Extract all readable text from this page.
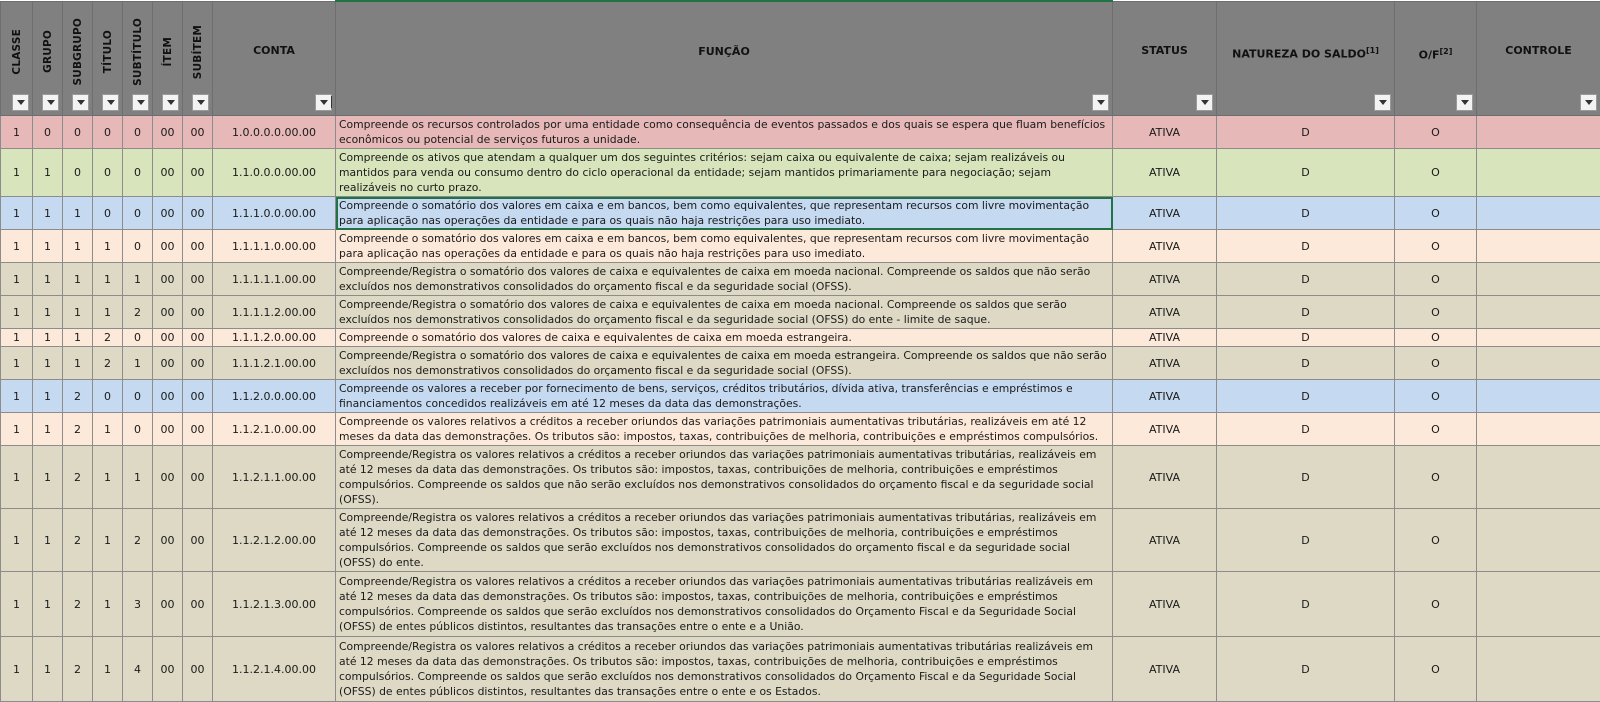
CLASSE	GRUPO	SUBGRUPO	TÍTULO	SUBTÍTULO	ÍTEM	SUBÍTEM	CONTA	FUNÇÃO	STATUS	NATUREZA DO SALDO[1]	O/F[2]	CONTROLE

1	0	0	0	0	00	00	1.0.0.0.0.00.00	Compreende os recursos controlados por uma entidade como consequência de eventos passados e dos quais se espera que fluam benefícios econômicos ou potencial de serviços futuros a unidade.	ATIVA	D	O	
1	1	0	0	0	00	00	1.1.0.0.0.00.00	Compreende os ativos que atendam a qualquer um dos seguintes critérios: sejam caixa ou equivalente de caixa; sejam realizáveis ou mantidos para venda ou consumo dentro do ciclo operacional da entidade; sejam mantidos primariamente para negociação; sejam realizáveis no curto prazo.	ATIVA	D	O	
1	1	1	0	0	00	00	1.1.1.0.0.00.00	Compreende o somatório dos valores em caixa e em bancos, bem como equivalentes, que representam recursos com livre movimentação para aplicação nas operações da entidade e para os quais não haja restrições para uso imediato.	ATIVA	D	O	
1	1	1	1	0	00	00	1.1.1.1.0.00.00	Compreende o somatório dos valores em caixa e em bancos, bem como equivalentes, que representam recursos com livre movimentação para aplicação nas operações da entidade e para os quais não haja restrições para uso imediato.	ATIVA	D	O	
1	1	1	1	1	00	00	1.1.1.1.1.00.00	Compreende/Registra o somatório dos valores de caixa e equivalentes de caixa em moeda nacional. Compreende os saldos que não serão excluídos nos demonstrativos consolidados do orçamento fiscal e da seguridade social (OFSS).	ATIVA	D	O	
1	1	1	1	2	00	00	1.1.1.1.2.00.00	Compreende/Registra o somatório dos valores de caixa e equivalentes de caixa em moeda nacional. Compreende os saldos que serão excluídos nos demonstrativos consolidados do orçamento fiscal e da seguridade social (OFSS) do ente - limite de saque.	ATIVA	D	O	
1	1	1	2	0	00	00	1.1.1.2.0.00.00	Compreende o somatório dos valores de caixa e equivalentes de caixa em moeda estrangeira.	ATIVA	D	O	
1	1	1	2	1	00	00	1.1.1.2.1.00.00	Compreende/Registra o somatório dos valores de caixa e equivalentes de caixa em moeda estrangeira. Compreende os saldos que não serão excluídos nos demonstrativos consolidados do orçamento fiscal e da seguridade social (OFSS).	ATIVA	D	O	
1	1	2	0	0	00	00	1.1.2.0.0.00.00	Compreende os valores a receber por fornecimento de bens, serviços, créditos tributários, dívida ativa, transferências e empréstimos e financiamentos concedidos realizáveis em até 12 meses da data das demonstrações.	ATIVA	D	O	
1	1	2	1	0	00	00	1.1.2.1.0.00.00	Compreende os valores relativos a créditos a receber oriundos das variações patrimoniais aumentativas tributárias, realizáveis em até 12 meses da data das demonstrações. Os tributos são: impostos, taxas, contribuições de melhoria, contribuições e empréstimos compulsórios.	ATIVA	D	O	
1	1	2	1	1	00	00	1.1.2.1.1.00.00	Compreende/Registra os valores relativos a créditos a receber oriundos das variações patrimoniais aumentativas tributárias, realizáveis em até 12 meses da data das demonstrações. Os tributos são: impostos, taxas, contribuições de melhoria, contribuições e empréstimos compulsórios. Compreende os saldos que não serão excluídos nos demonstrativos consolidados do orçamento fiscal e da seguridade social (OFSS).	ATIVA	D	O	
1	1	2	1	2	00	00	1.1.2.1.2.00.00	Compreende/Registra os valores relativos a créditos a receber oriundos das variações patrimoniais aumentativas tributárias, realizáveis em até 12 meses da data das demonstrações. Os tributos são: impostos, taxas, contribuições de melhoria, contribuições e empréstimos compulsórios. Compreende os saldos que serão excluídos nos demonstrativos consolidados do orçamento fiscal e da seguridade social (OFSS) do ente.	ATIVA	D	O	
1	1	2	1	3	00	00	1.1.2.1.3.00.00	Compreende/Registra os valores relativos a créditos a receber oriundos das variações patrimoniais aumentativas tributárias realizáveis em até 12 meses da data das demonstrações. Os tributos são: impostos, taxas, contribuições de melhoria, contribuições e empréstimos compulsórios. Compreende os saldos que serão excluídos nos demonstrativos consolidados do Orçamento Fiscal e da Seguridade Social (OFSS) de entes públicos distintos, resultantes das transações entre o ente e a União.	ATIVA	D	O	
1	1	2	1	4	00	00	1.1.2.1.4.00.00	Compreende/Registra os valores relativos a créditos a receber oriundos das variações patrimoniais aumentativas tributárias realizáveis em até 12 meses da data das demonstrações. Os tributos são: impostos, taxas, contribuições de melhoria, contribuições e empréstimos compulsórios. Compreende os saldos que serão excluídos nos demonstrativos consolidados do Orçamento Fiscal e da Seguridade Social (OFSS) de entes públicos distintos, resultantes das transações entre o ente e os Estados.	ATIVA	D	O	
